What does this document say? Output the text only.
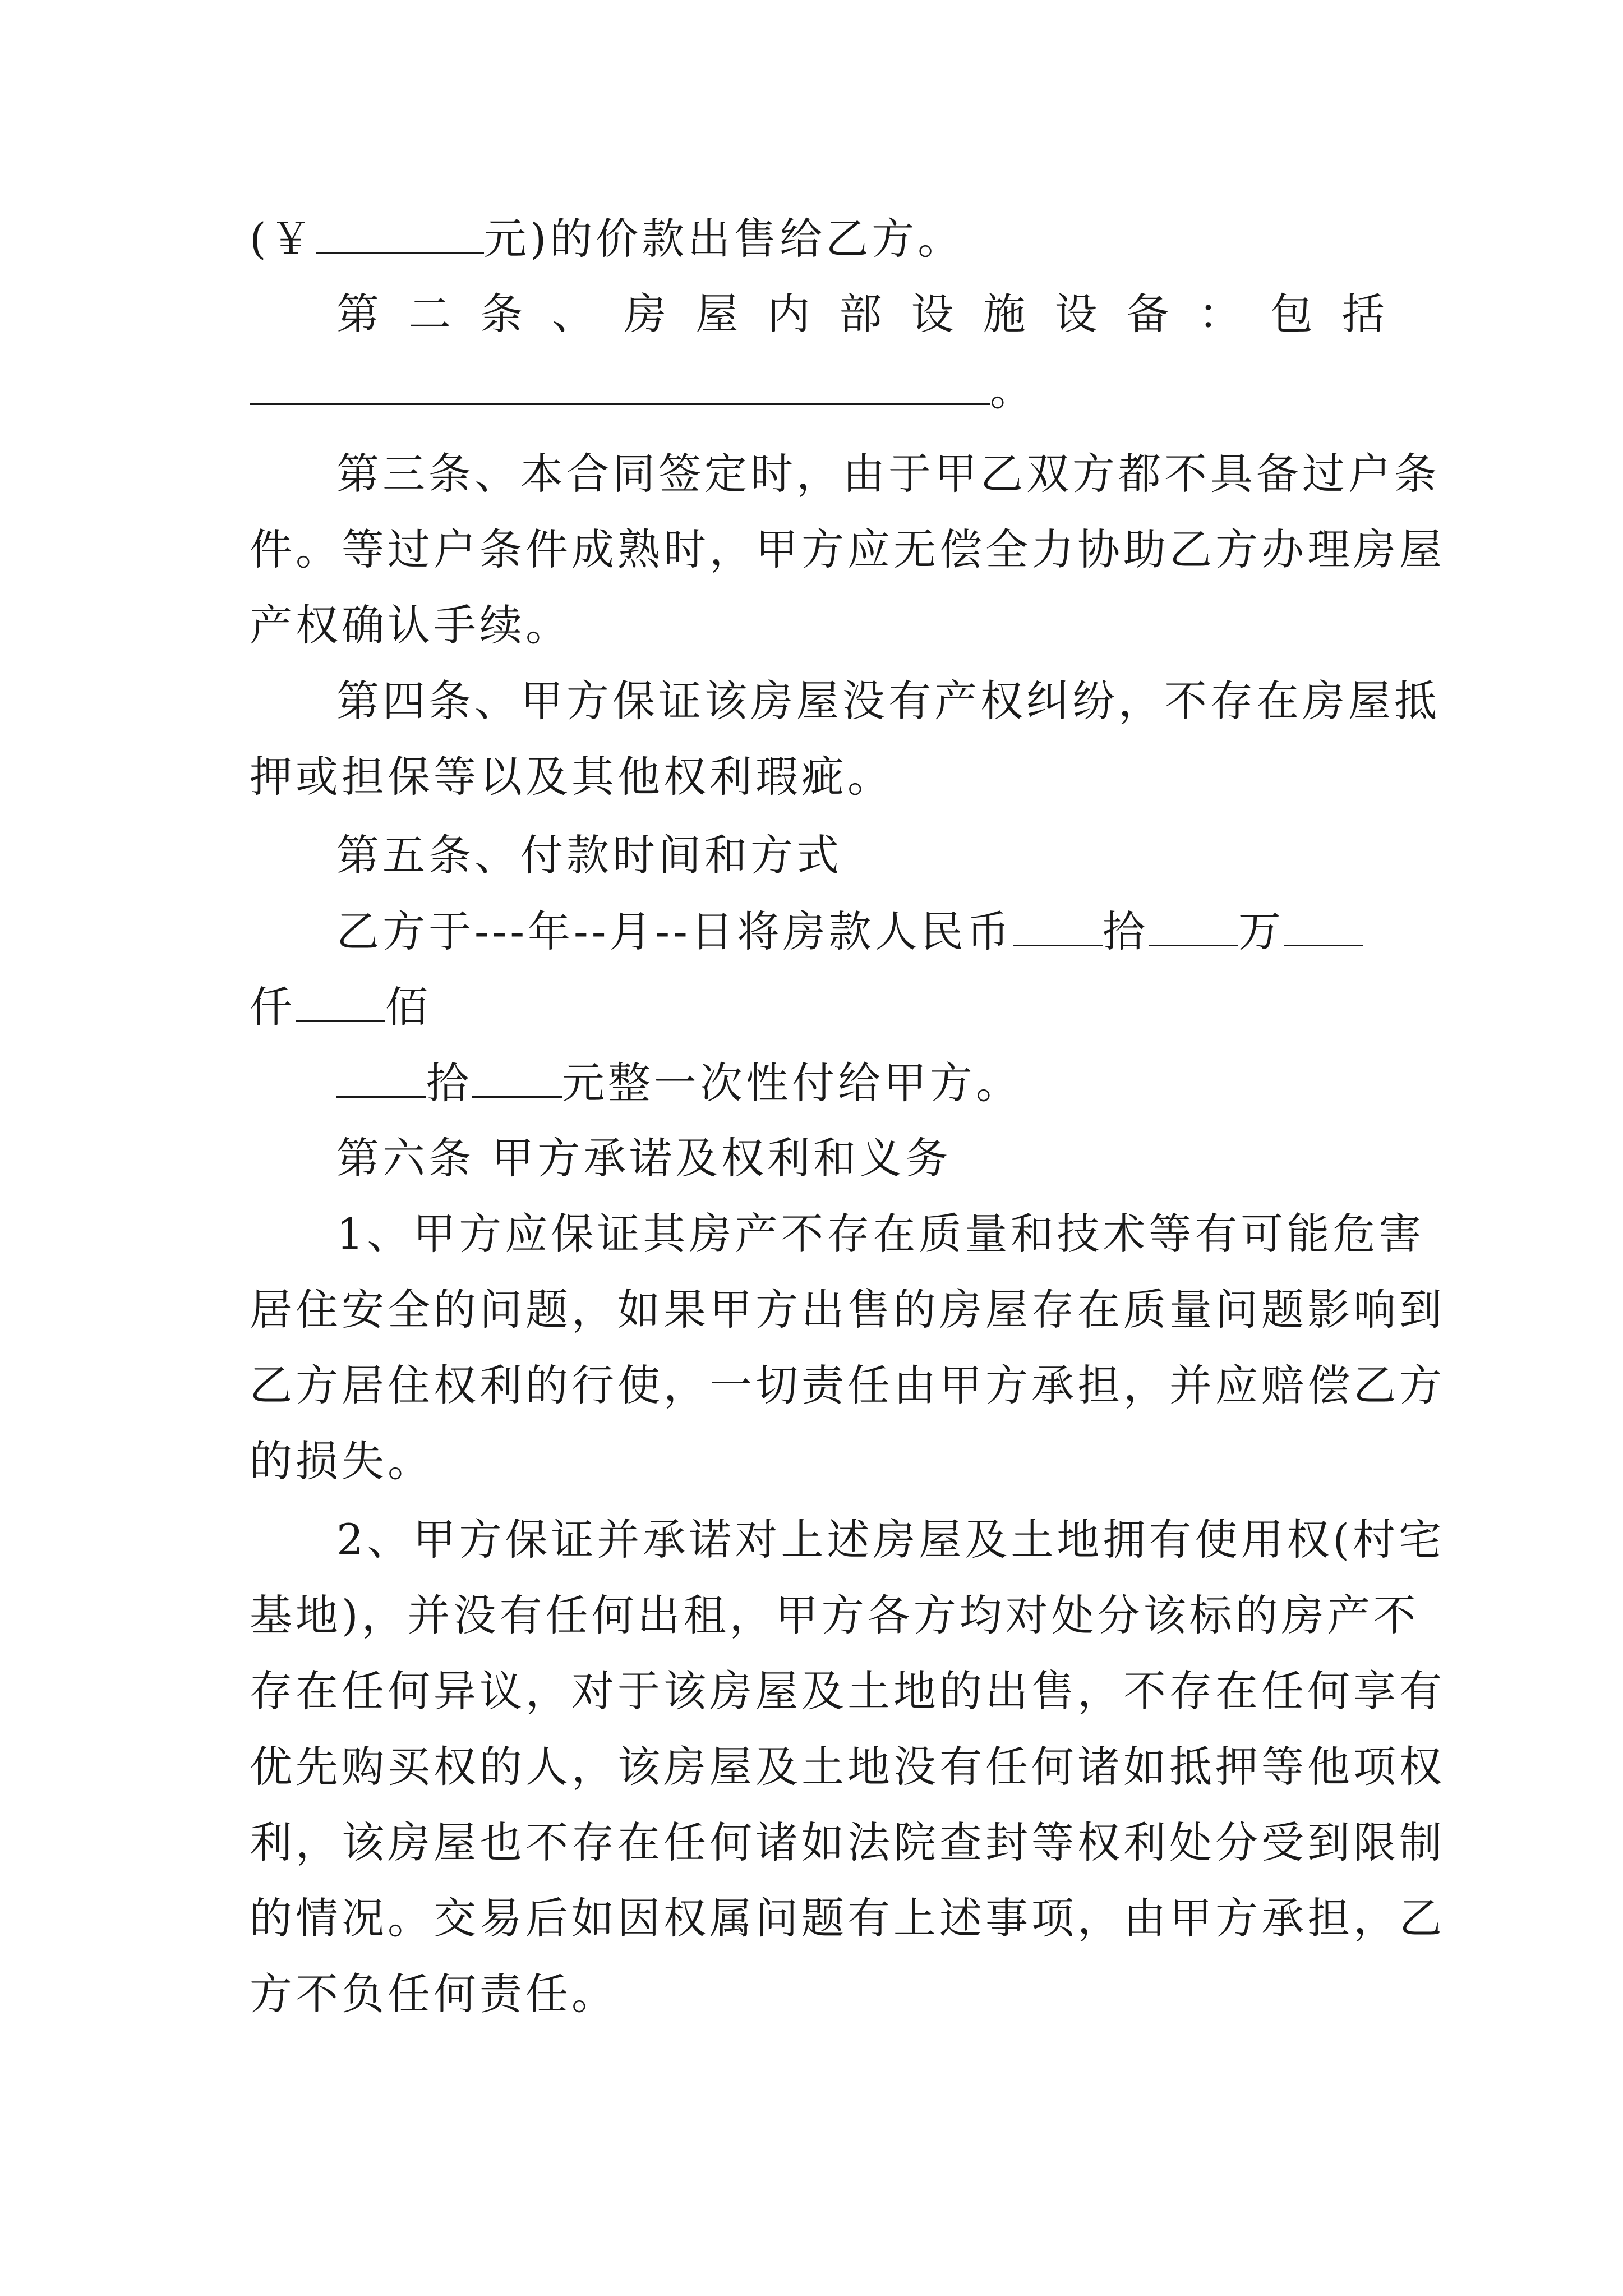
(￥	元)的价款出售给乙方。
第 二 条 、 房 屋 内 部 设 施 设 备 ： 包 括
。
第三条、本合同签定时，由于甲乙双方都不具备过户条
件。等过户条件成熟时，甲方应无偿全力协助乙方办理房屋
产权确认手续。
第四条、甲方保证该房屋没有产权纠纷，不存在房屋抵
押或担保等以及其他权利瑕疵。
第五条、付款时间和方式
乙方于---年--月--日将房款人民币 拾 万
仟 佰
拾 元整一次性付给甲方。
第六条 甲方承诺及权利和义务
1、甲方应保证其房产不存在质量和技术等有可能危害
居住安全的问题，如果甲方出售的房屋存在质量问题影响到
乙方居住权利的行使，一切责任由甲方承担，并应赔偿乙方
的损失。
2、甲方保证并承诺对上述房屋及土地拥有使用权(村宅
基地)，并没有任何出租，甲方各方均对处分该标的房产不
存在任何异议，对于该房屋及土地的出售，不存在任何享有
优先购买权的人，该房屋及土地没有任何诸如抵押等他项权
利，该房屋也不存在任何诸如法院查封等权利处分受到限制
的情况。交易后如因权属问题有上述事项，由甲方承担，乙
方不负任何责任。
